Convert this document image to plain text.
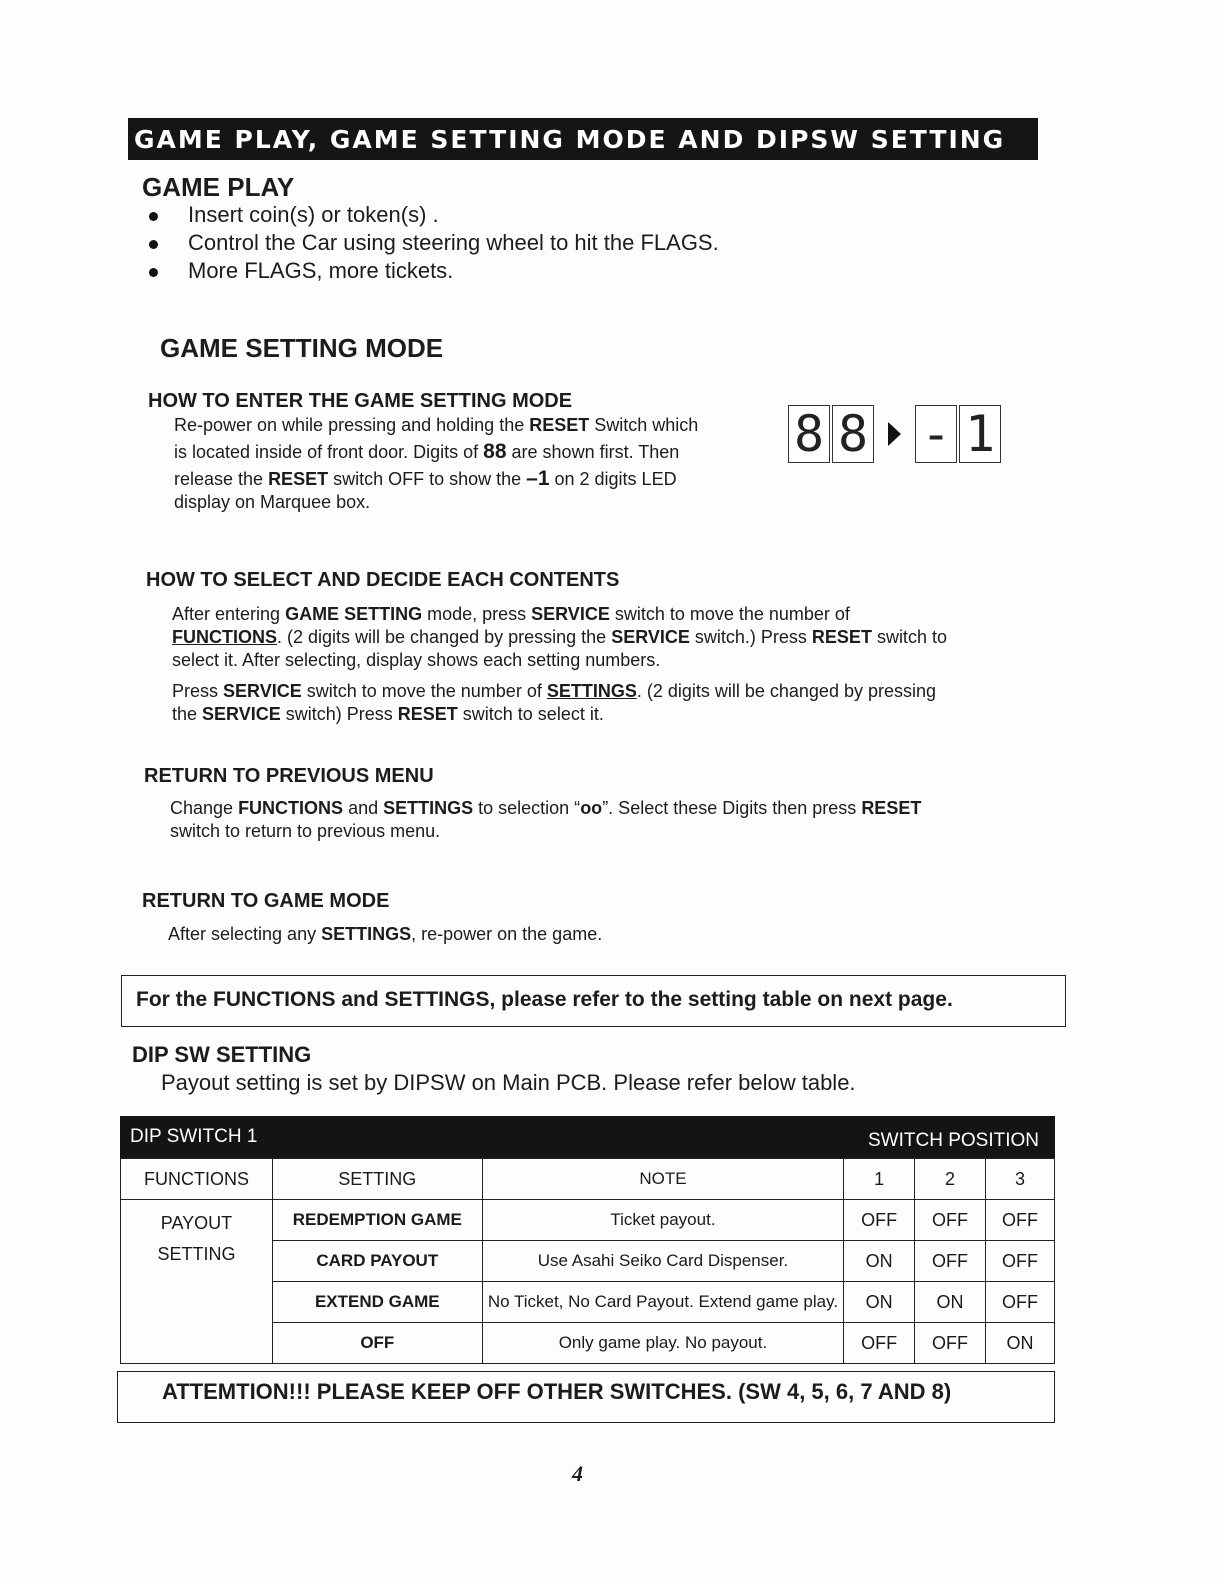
GAME PLAY, GAME SETTING MODE AND DIPSW SETTING
GAME PLAY
Insert coin(s) or token(s) .
Control the Car using steering wheel to hit the FLAGS.
More FLAGS, more tickets.
GAME SETTING MODE
HOW TO ENTER THE GAME SETTING MODE

Re-power on while pressing and holding the RESET Switch which

is located inside of front door. Digits of 88 are shown first. Then

release the RESET switch OFF to show the –1 on 2 digits LED

display on Marquee box.

8 8 - 1
HOW TO SELECT AND DECIDE EACH CONTENTS

After entering GAME SETTING mode, press SERVICE switch to move the number of

FUNCTIONS. (2 digits will be changed by pressing the SERVICE switch.) Press RESET switch to

select it. After selecting, display shows each setting numbers.

Press SERVICE switch to move the number of SETTINGS. (2 digits will be changed by pressing

the SERVICE switch) Press RESET switch to select it.

RETURN TO PREVIOUS MENU

Change FUNCTIONS and SETTINGS to selection “oo”. Select these Digits then press RESET

switch to return to previous menu.

RETURN TO GAME MODE

After selecting any SETTINGS, re-power on the game.

For the FUNCTIONS and SETTINGS, please refer to the setting table on next page.
DIP SW SETTING

Payout setting is set by DIPSW on Main PCB. Please refer below table.

DIP SWITCH 1	SWITCH POSITION
FUNCTIONS	SETTING	NOTE	1	2	3

PAYOUT
SETTING	REDEMPTION GAME	Ticket payout.	OFF	OFF	OFF
	CARD PAYOUT	Use Asahi Seiko Card Dispenser.	ON	OFF	OFF
	EXTEND GAME	No Ticket, No Card Payout. Extend game play.	ON	ON	OFF
	OFF	Only game play. No payout.	OFF	OFF	ON
ATTEMTION!!! PLEASE KEEP OFF OTHER SWITCHES. (SW 4, 5, 6, 7 AND 8)
4
